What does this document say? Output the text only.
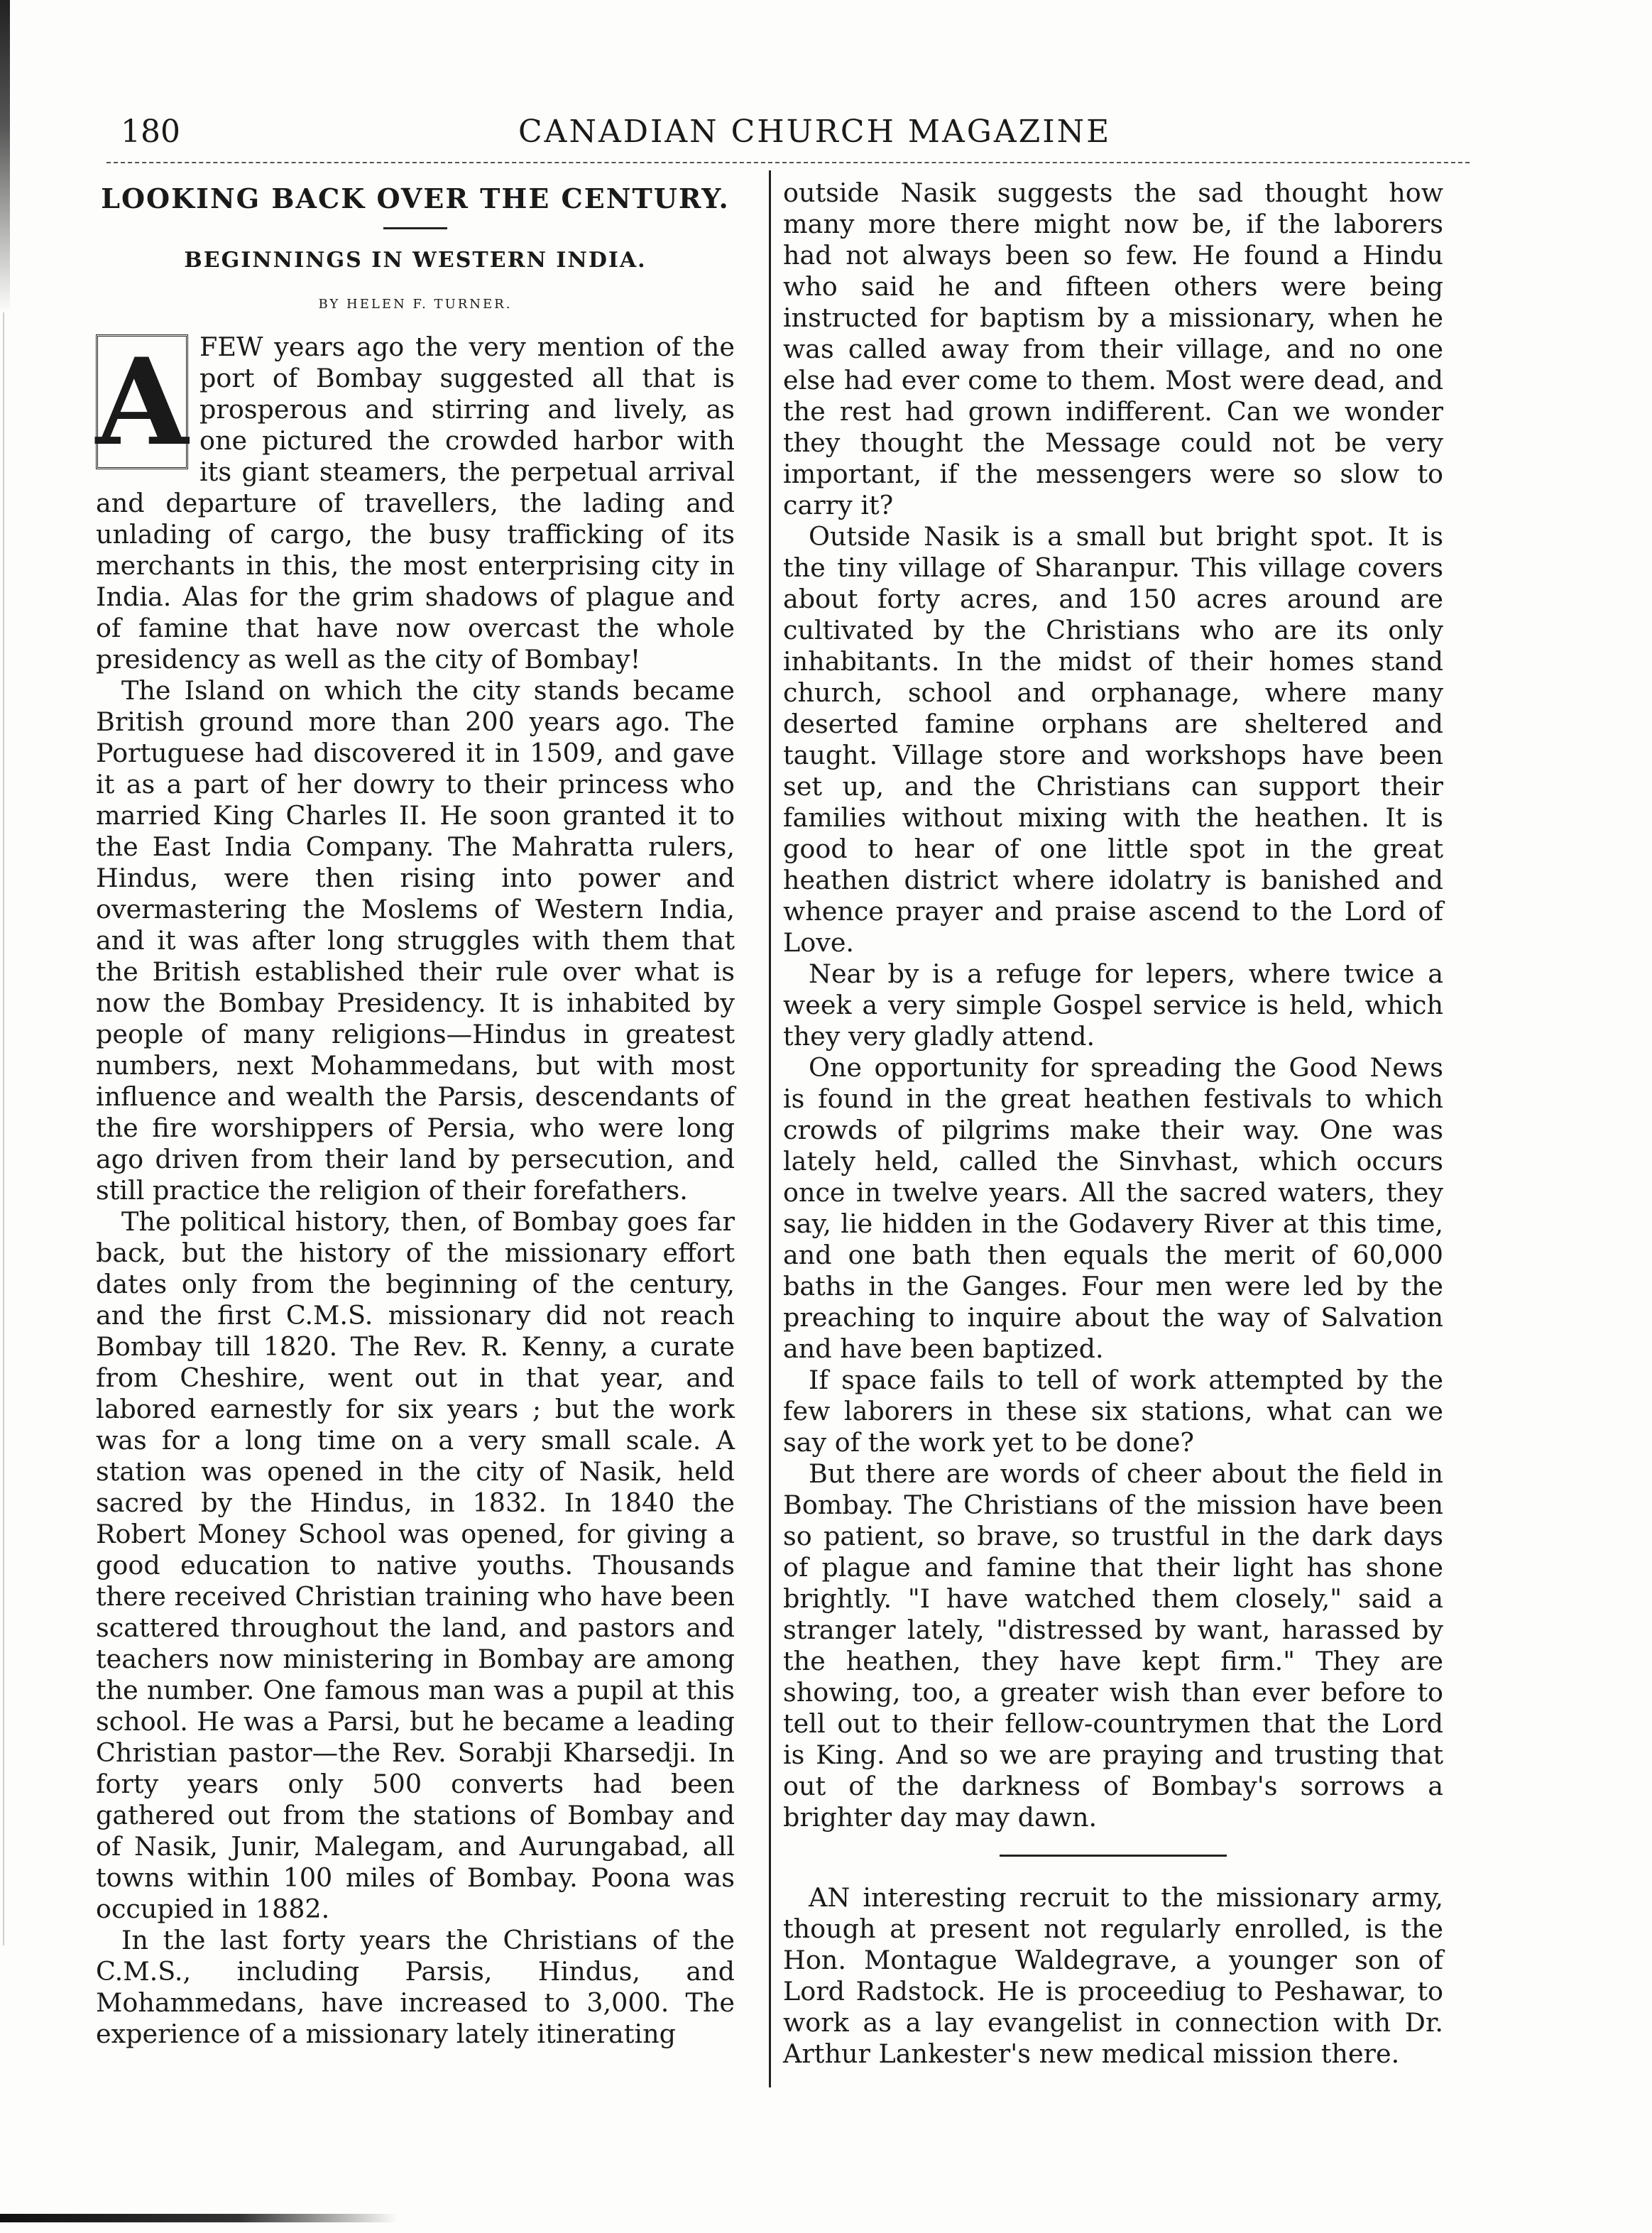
180	CANADIAN CHURCH MAGAZINE
LOOKING BACK OVER THE CENTURY.
BEGINNINGS IN WESTERN INDIA.
BY HELEN F. TURNER.

A FEW years ago the very mention of the port of Bombay suggested all that is prosperous and stirring and lively, as one pictured the crowded harbor with its giant steamers, the perpetual arrival and departure of travellers, the lading and unlading of cargo, the busy trafficking of its merchants in this, the most enterprising city in India. Alas for the grim shadows of plague and of famine that have now overcast the whole presidency as well as the city of Bombay!

The Island on which the city stands became British ground more than 200 years ago. The Portuguese had discovered it in 1509, and gave it as a part of her dowry to their princess who married King Charles II. He soon granted it to the East India Company. The Mahratta rulers, Hindus, were then rising into power and overmastering the Moslems of Western India, and it was after long struggles with them that the British established their rule over what is now the Bombay Presidency. It is inhabited by people of many religions—Hindus in greatest numbers, next Mohammedans, but with most influence and wealth the Parsis, descendants of the fire worshippers of Persia, who were long ago driven from their land by persecution, and still practice the religion of their forefathers.

The political history, then, of Bombay goes far back, but the history of the missionary effort dates only from the beginning of the century, and the first C.M.S. missionary did not reach Bombay till 1820. The Rev. R. Kenny, a curate from Cheshire, went out in that year, and labored earnestly for six years ; but the work was for a long time on a very small scale. A station was opened in the city of Nasik, held sacred by the Hindus, in 1832. In 1840 the Robert Money School was opened, for giving a good education to native youths. Thousands there received Christian training who have been scattered throughout the land, and pastors and teachers now ministering in Bombay are among the number. One famous man was a pupil at this school. He was a Parsi, but he became a leading Christian pastor—the Rev. Sorabji Kharsedji. In forty years only 500 converts had been gathered out from the stations of Bombay and of Nasik, Junir, Malegam, and Aurungabad, all towns within 100 miles of Bombay. Poona was occupied in 1882.

In the last forty years the Christians of the C.M.S., including Parsis, Hindus, and Mohammedans, have increased to 3,000. The experience of a missionary lately itinerating

outside Nasik suggests the sad thought how many more there might now be, if the laborers had not always been so few. He found a Hindu who said he and fifteen others were being instructed for baptism by a missionary, when he was called away from their village, and no one else had ever come to them. Most were dead, and the rest had grown indifferent. Can we wonder they thought the Message could not be very important, if the messengers were so slow to carry it?

Outside Nasik is a small but bright spot. It is the tiny village of Sharanpur. This village covers about forty acres, and 150 acres around are cultivated by the Christians who are its only inhabitants. In the midst of their homes stand church, school and orphanage, where many deserted famine orphans are sheltered and taught. Village store and workshops have been set up, and the Christians can support their families without mixing with the heathen. It is good to hear of one little spot in the great heathen district where idolatry is banished and whence prayer and praise ascend to the Lord of Love.

Near by is a refuge for lepers, where twice a week a very simple Gospel service is held, which they very gladly attend.

One opportunity for spreading the Good News is found in the great heathen festivals to which crowds of pilgrims make their way. One was lately held, called the Sinvhast, which occurs once in twelve years. All the sacred waters, they say, lie hidden in the Godavery River at this time, and one bath then equals the merit of 60,000 baths in the Ganges. Four men were led by the preaching to inquire about the way of Salvation and have been baptized.

If space fails to tell of work attempted by the few laborers in these six stations, what can we say of the work yet to be done?

But there are words of cheer about the field in Bombay. The Christians of the mission have been so patient, so brave, so trustful in the dark days of plague and famine that their light has shone brightly. "I have watched them closely," said a stranger lately, "distressed by want, harassed by the heathen, they have kept firm." They are showing, too, a greater wish than ever before to tell out to their fellow-countrymen that the Lord is King. And so we are praying and trusting that out of the darkness of Bombay's sorrows a brighter day may dawn.

AN interesting recruit to the missionary army, though at present not regularly enrolled, is the Hon. Montague Waldegrave, a younger son of Lord Radstock. He is proceediug to Peshawar, to work as a lay evangelist in connection with Dr. Arthur Lankester's new medical mission there.
